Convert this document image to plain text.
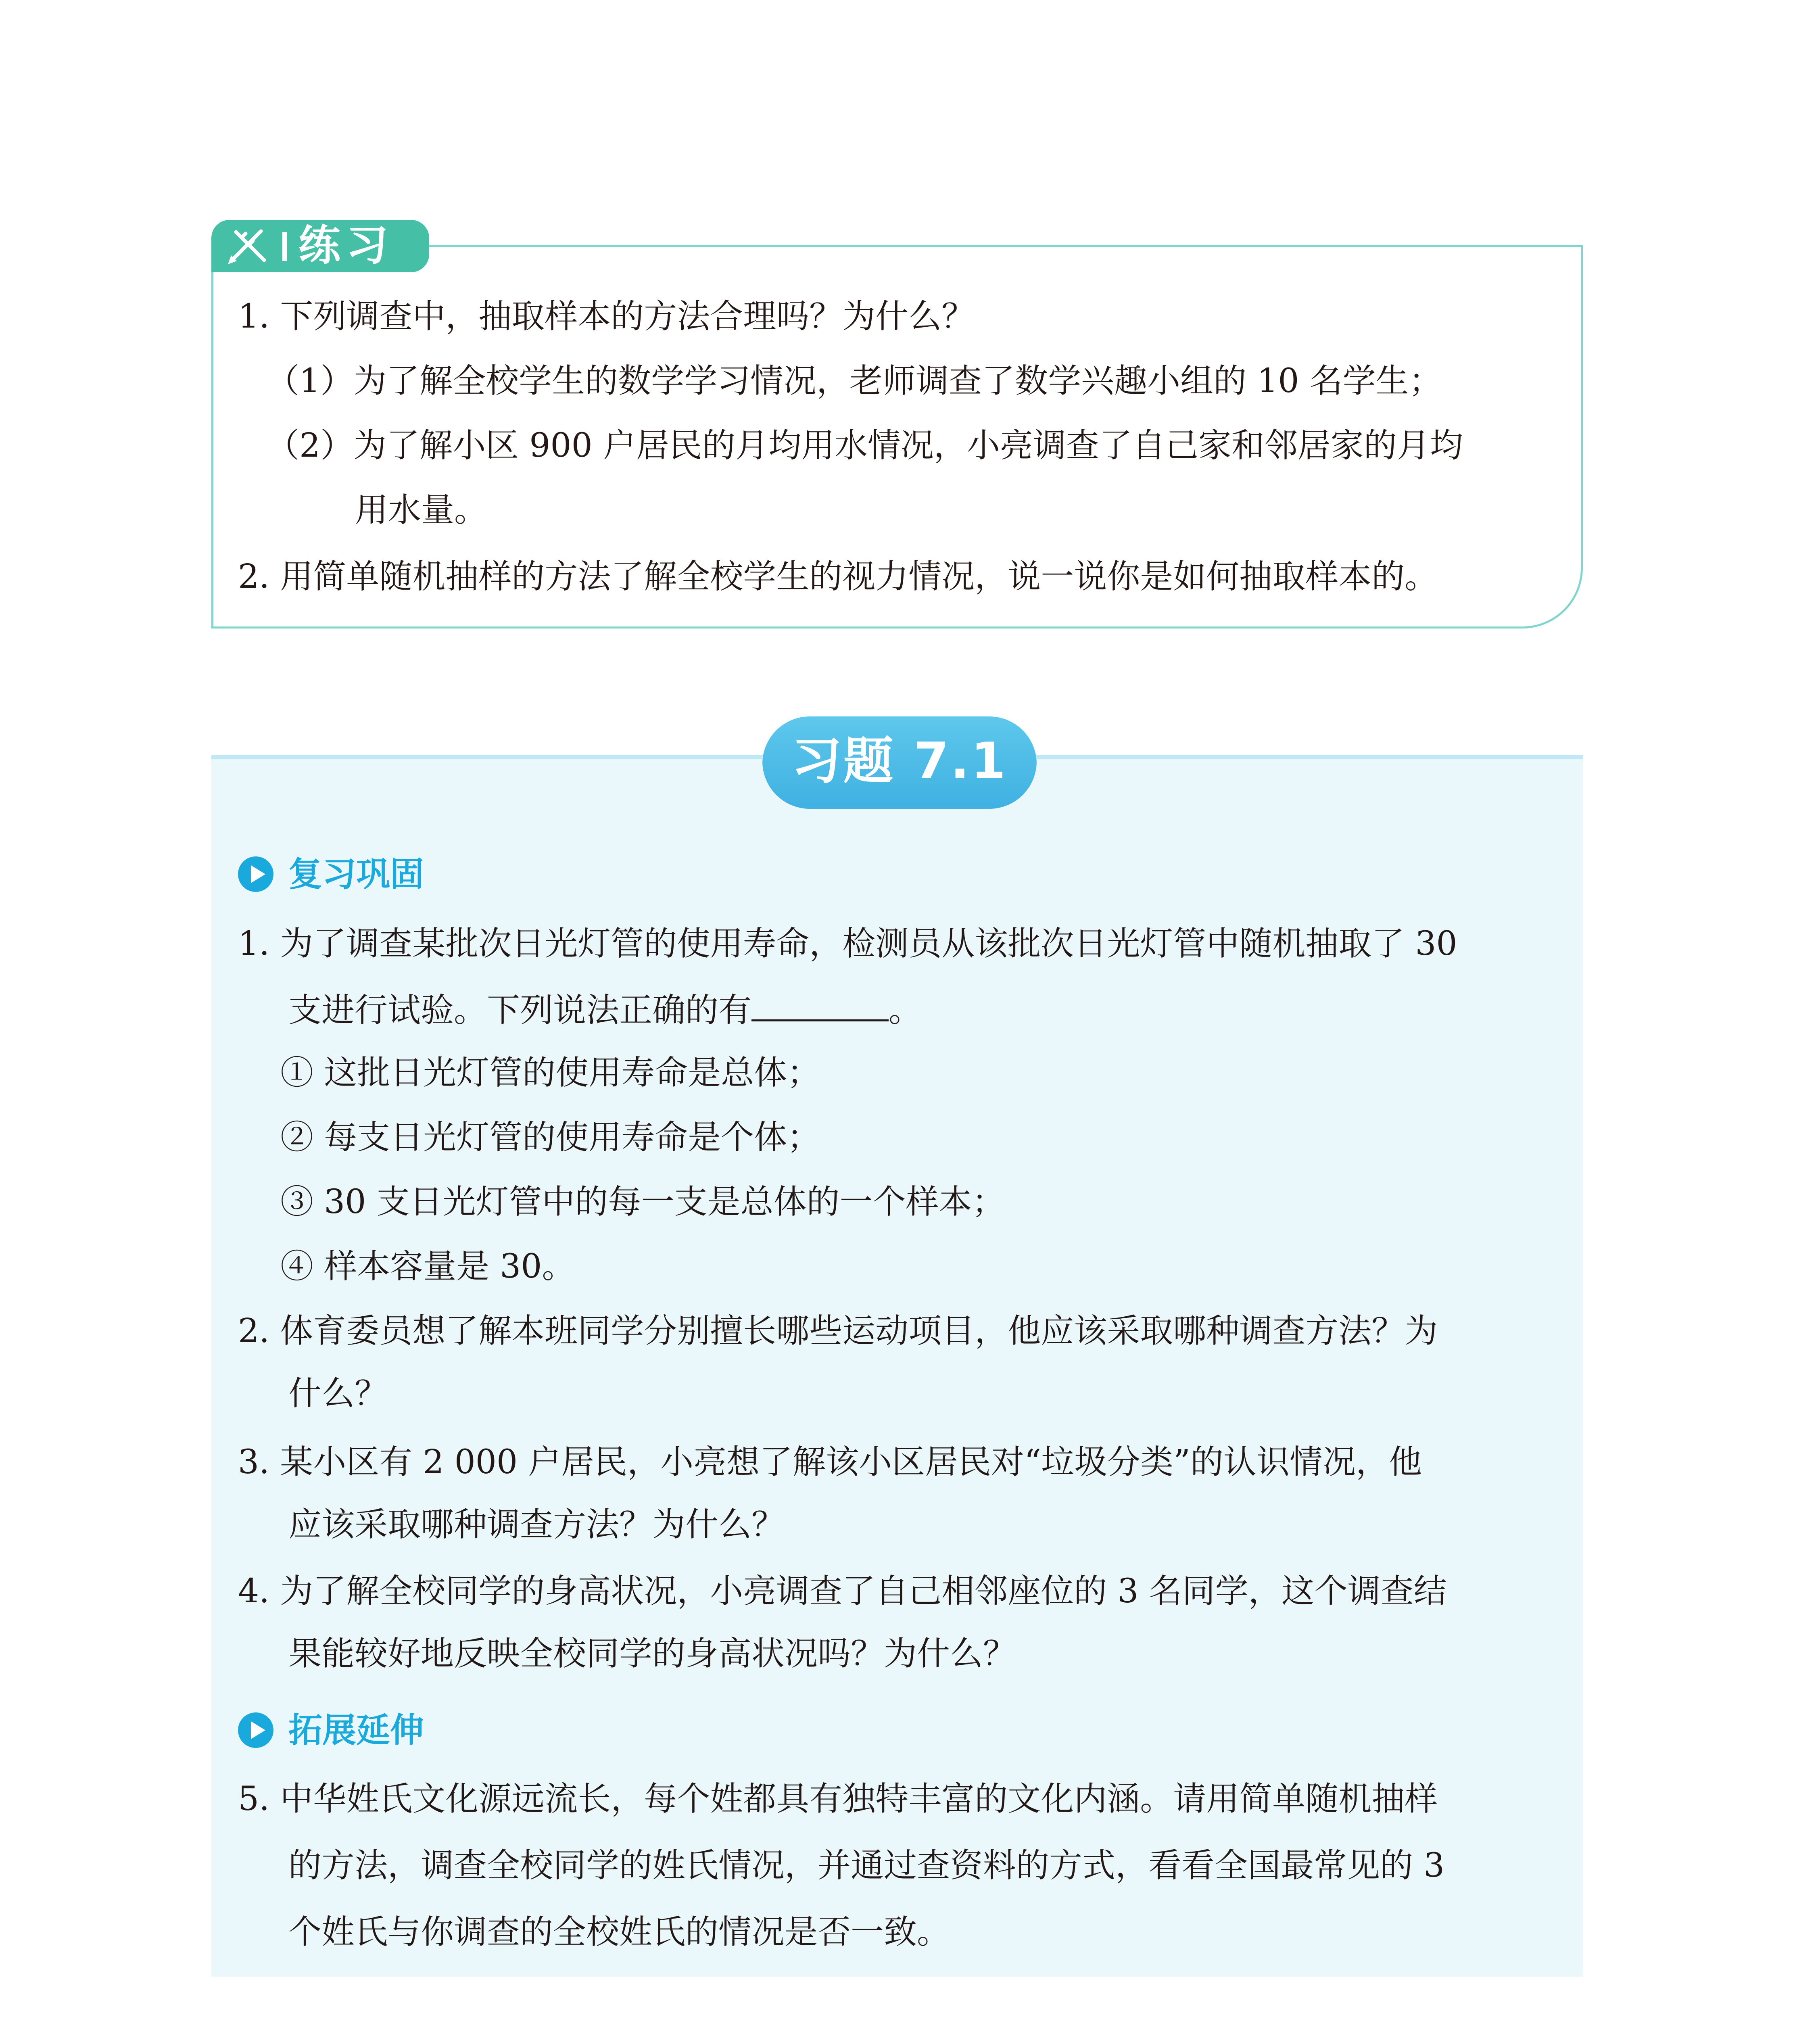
练习
1. 下列调查中，抽取样本的方法合理吗？为什么？
（1）为了解全校学生的数学学习情况，老师调查了数学兴趣小组的 10 名学生；
（2）为了解小区 900 户居民的月均用水情况，小亮调查了自己家和邻居家的月均
用水量。
2. 用简单随机抽样的方法了解全校学生的视力情况，说一说你是如何抽取样本的。
习题 7.1
复习巩固
1. 为了调查某批次日光灯管的使用寿命，检测员从该批次日光灯管中随机抽取了 30
支进行试验。下列说法正确的有	。
① 这批日光灯管的使用寿命是总体；
② 每支日光灯管的使用寿命是个体；
③ 30 支日光灯管中的每一支是总体的一个样本；
④ 样本容量是 30。
2. 体育委员想了解本班同学分别擅长哪些运动项目，他应该采取哪种调查方法？为
什么？
3. 某小区有 2 000 户居民，小亮想了解该小区居民对“垃圾分类”的认识情况，他
应该采取哪种调查方法？为什么？
4. 为了解全校同学的身高状况，小亮调查了自己相邻座位的 3 名同学，这个调查结
果能较好地反映全校同学的身高状况吗？为什么？
拓展延伸
5. 中华姓氏文化源远流长，每个姓都具有独特丰富的文化内涵。请用简单随机抽样
的方法，调查全校同学的姓氏情况，并通过查资料的方式，看看全国最常见的 3
个姓氏与你调查的全校姓氏的情况是否一致。
